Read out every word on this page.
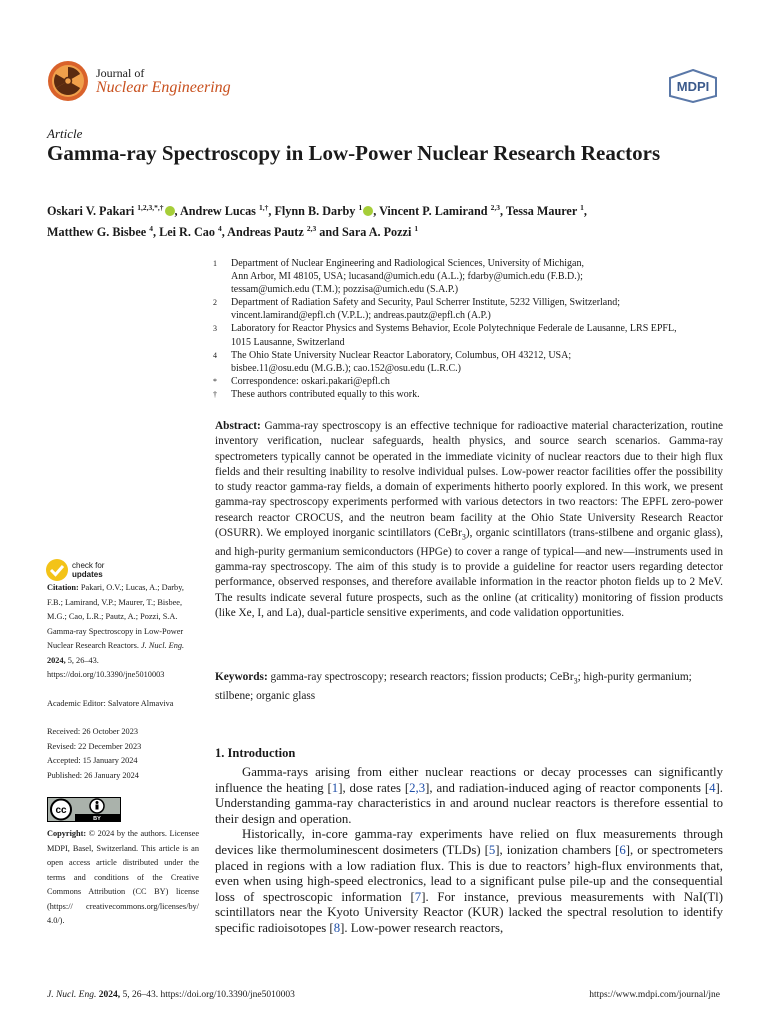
Journal of
Nuclear Engineering	MDPI
Article
Gamma-ray Spectroscopy in Low-Power Nuclear Research Reactors
Oskari V. Pakari $^{1,2,3,*,\dagger}$ , Andrew Lucas $^{1,\dagger}$, Flynn B. Darby $^1$ , Vincent P. Lamirand $^{2,3}$, Tessa Maurer $^1$,
Matthew G. Bisbee $^4$, Lei R. Cao $^4$, Andreas Pautz $^{2,3}$ and Sara A. Pozzi $^1$
1	Department of Nuclear Engineering and Radiological Sciences, University of Michigan,
Ann Arbor, MI 48105, USA; lucasand@umich.edu (A.L.); fdarby@umich.edu (F.B.D.);
tessam@umich.edu (T.M.); pozzisa@umich.edu (S.A.P.)
2	Department of Radiation Safety and Security, Paul Scherrer Institute, 5232 Villigen, Switzerland;
vincent.lamirand@epfl.ch (V.P.L.); andreas.pautz@epfl.ch (A.P.)
3	Laboratory for Reactor Physics and Systems Behavior, Ecole Polytechnique Federale de Lausanne, LRS EPFL,
1015 Lausanne, Switzerland
4	The Ohio State University Nuclear Reactor Laboratory, Columbus, OH 43212, USA;
bisbee.11@osu.edu (M.G.B.); cao.152@osu.edu (L.R.C.)
*	Correspondence: oskari.pakari@epfl.ch
†	These authors contributed equally to this work.
Abstract: Gamma-ray spectroscopy is an effective technique for radioactive material characterization, routine inventory verification, nuclear safeguards, health physics, and source search scenarios. Gamma-ray spectrometers typically cannot be operated in the immediate vicinity of nuclear reactors due to their high flux fields and their resulting inability to resolve individual pulses. Low-power reactor facilities offer the possibility to study reactor gamma-ray fields, a domain of experiments hitherto poorly explored. In this work, we present gamma-ray spectroscopy experiments performed with various detectors in two reactors: The EPFL zero-power research reactor CROCUS, and the neutron beam facility at the Ohio State University Research Reactor (OSURR). We employed inorganic scintillators (CeBr$_3$), organic scintillators (trans-stilbene and organic glass), and high-purity germanium semiconductors (HPGe) to cover a range of typical—and new—instruments used in gamma-ray spectroscopy. The aim of this study is to provide a guideline for reactor users regarding detector performance, observed responses, and therefore available information in the reactor photon fields up to 2 MeV. The results indicate several future prospects, such as the online (at criticality) monitoring of fission products (like Xe, I, and La), dual-particle sensitive experiments, and code validation opportunities.
Keywords: gamma-ray spectroscopy; research reactors; fission products; CeBr$_3$; high-purity germanium; stilbene; organic glass
check for
updates
Citation: Pakari, O.V.; Lucas, A.; Darby, F.B.; Lamirand, V.P.; Maurer, T.; Bisbee, M.G.; Cao, L.R.; Pautz, A.; Pozzi, S.A. Gamma-ray Spectroscopy in Low-Power Nuclear Research Reactors. J. Nucl. Eng. 2024, 5, 26–43. https://doi.org/10.3390/jne5010003
Academic Editor: Salvatore Almaviva
Received: 26 October 2023
Revised: 22 December 2023
Accepted: 15 January 2024
Published: 26 January 2024
cc
BY
Copyright: © 2024 by the authors. Licensee MDPI, Basel, Switzerland. This article is an open access article distributed under the terms and conditions of the Creative Commons Attribution (CC BY) license (https:// creativecommons.org/licenses/by/ 4.0/).
1. Introduction

Gamma-rays arising from either nuclear reactions or decay processes can significantly influence the heating [1], dose rates [2,3], and radiation-induced aging of reactor components [4]. Understanding gamma-ray characteristics in and around nuclear reactors is therefore essential to their design and operation.

Historically, in-core gamma-ray experiments have relied on flux measurements through devices like thermoluminescent dosimeters (TLDs) [5], ionization chambers [6], or spectrometers placed in regions with a low radiation flux. This is due to reactors’ high-flux environments that, even when using high-speed electronics, lead to a significant pulse pile-up and the consequential loss of spectroscopic information [7]. For instance, previous measurements with NaI(Tl) scintillators near the Kyoto University Reactor (KUR) lacked the spectral resolution to identify specific radioisotopes [8]. Low-power research reactors,

J. Nucl. Eng. 2024, 5, 26–43. https://doi.org/10.3390/jne5010003	https://www.mdpi.com/journal/jne
